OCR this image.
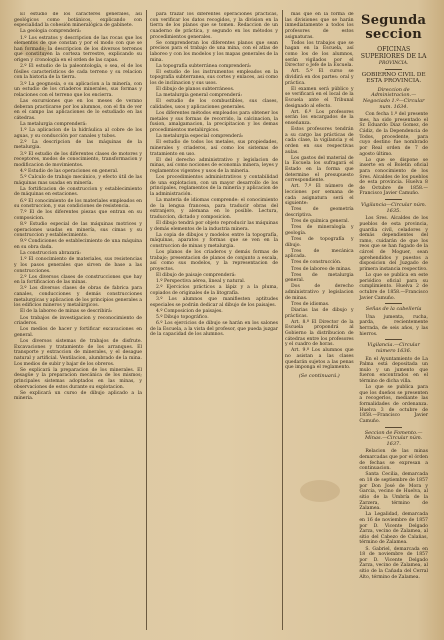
El estudio de los caracteres generales, así geológicos como botánicos, explicando con especialidad la cohesión mineralógica de gabinete.

La geologia comprenderá:

1.º Los estratos y descripcion de las rocas que los elementos de que constan y por el modo con que se han formado; la descripcion de los diversos terrenos que constituyen la corteza terrestre, explicando su origen y cronología en el orden de las capas.

2.º El estudio de la paleontología, o sea, el de los fósiles característicos de cada terreno y su relacion con la historia de la tierra.

3.º La geognosia, o su aplicacion a la minería, con un estudio de los criaderos minerales, sus formas y relaciones con el terreno que los encierra.

Las excursiones que en los meses de verano deberan practicarse por los alumnos, con el fin de ver en el campo las aplicaciones de lo estudiado en las cátedras.

La metalurgia comprenderá:

1.º La aplicacion de la hidráulica al cobre de los aguas, y su conducción por canales y tubos.

2.º La descripcion de las máquinas de la metalurgia.

3.º El estudio de los diferentes clases de motores y receptores, modos de conocimiento, transformacion y modificacion de movimientos.

4.º Estudio de las operaciones en general.

5.º Calculo de trabajo mecánico, y efecto útil de las máquinas mas usadas en minería.

La fortificacion de construccion y establecimiento de máquinas en estaciones.

6.º El conocimiento de los materiales empleados en su construccion, y sus condiciones de resistencia.

7.º El de los diferentes piezas que entran en su composicion.

8.º Estudio especial de las máquinas motrices y operaciones usadas en minería, sus cimas y su construccion y establecimiento.

9.º Condiciones de establecimiento de una máquina en su obra dada.

La construccion abrazará:

1.º El conocimiento de materiales, sus resistencias y los pasos generales que sirven de base a las construcciones.

2.º Los diversos clases de construcciones que hay en la fortificacion de las minas.

3.º Los diversos clases de obras de fabrica para canales, conducciones y demás construcciones metalurgicas y aplicacion de los principios generales a los edificios mineros y metalúrgicos.

El de la laboreo de minas se describirá:

Los trabajos de investigacion y reconocimiento de criaderos.

Los medios de hacer y fortificar excavaciones en general.

Los diversos sistemas de trabajos de disfrute. Excavaciones y tratamiento de los arranques. El transporte y extraccion de minerales, y el desague natural y artificial. Ventilacion, alumbrado de la mina. Los medios de subir y bajar de los obreros.

Se explicará la preparacion de los minerales. El desagüe y la preparacion mecánica de los mismos; principales sistemas adoptados en las minas, y observaciones de estos durante su explotacion.

Se explicará un curso de dibujo aplicado a la mineria.

para trazar los diferentes operaciones prácticas, con verificar los datos recogidos, y la division en la tierra de los planos que se tomen. Redaccion de un cuaderno de práctica, y segundo en los métodos y procedimientos generales.

Se comprenderan los diferentes planos que sean precisos para el trabajo de una mina, con el atlas de laboreo y con los modelos y los mapas generales de la mina.

La topografía subterránea comprenderá:

El estudio de los instrumentos empleados en la topografía subterranea, sus cortes y enlaces, asi como los de inclinacion y sus usos.

El dibujo de planos subterráneos.

La metalurgia general comprenderá:

El estudio de los combustibles, sus clases, calidades, usos y aplicaciones generales.

Los diferentes métodos empleados para obtener los metales y sus formas de recorrido, la calcinacion, la fusion, amalgamacion, la precipitacion y los demas procedimientos metalúrgicos.

La metalurgia especial comprenderá:

El estudio de todos los metales, sus propiedades, minerales y criaderos, así como los sistemas de tratamiento en uso.

El del derecho administrativo y legislacion de minas, así como nociones de economía minera, leyes y reglamentos vigentes y usos de la mineria.

Los procedimientos administrativos y contabilidad de una explotacion, con un mayor desarrollo de los principales, reglamentos de la minería y aplicacion de la administración.

La materia de idiomas comprende: el conocimiento de la lengua francesa, para traducir obras del extranjero, y alemana en lo posible. Lectura, traduccion, dictado y composicion.

El dibujo tendrá por objeto reproducir las máquinas y demás elementos de la industria minera.

La copia de dibujos y modelos entre la topografía, máquinas, aparatos y formas que se ven en la construccion de minas y metalurgia.

Los planos de los criaderos y demás formas de trabajo; presentacion de planos de conjunto a escala, así como sus modelos, y la representacion de proyectos.

El dibujo de paisaje comprenderá:

1.º Perspectiva aérea, lineal y natural.

2.º Ejercicios prácticos a lápiz y a la pluma, copiados de originales de la litografía.

3.º Los alumnos que manifiesten aptitudes especiales se podrán dedicar al dibujo de los paisajes.

4.º Composicion de paisajes.

5.º Dibujo topográfico.

6.º Los ejercicios de dibujo se harán en los salones de la Escuela, a la vista del profesor, que pueda juzgar de la capacidad de los alumnos.

mas que en la forma de las divisiones que se harán inmediatamente a todos los profesores de estos asignaturas.

Todos los trabajos que se hagan en la Escuela, así como los de los alumnos, serán vigilados por el Director o Jefe de la Escuela.

Art. 5.º El curso se dividirá en dos partes: oral y práctica.

El examen será público y se verificará en el local de la Escuela ante el Tribunal designado al efecto.

Art. 6.º Los profesores serán los encargados de la enseñanza.

Estos profesores tendrán a su cargo las prácticas de cada clase, la vigilancia y el orden en sus respectivas aulas.

Los gastos del material de la Escuela los sufragará el Estado en la forma que determine el presupuesto correspondiente.

Art. 7.º El número de lecciones por semana de cada asignatura será el siguiente:

Tres de geometría descriptiva.

Tres de química general.

Tres de mineralogía y geología.

Tres de topografía y dibujo.

Tres de mecánica aplicada.

Tres de construcción.

Tres de laboreo de minas.

Tres de metalurgia general.

Dos de derecho administrativo y legislacion de minas.

Tres de idiomas.

Diarias las de dibujo y prácticas.

Art. 8.º El Director de la Escuela propondrá al Gobierno la distribucion de cátedras entre los profesores y el cuadro de horas.

Art. 9.º Los alumnos que no asistan a las clases quedarán sujetos a las penas que imponga el reglamento.

(Se continuará.)
Segunda seccion
OFICINAS SUPERIORES DE LA
PROVINCIA.
GOBIERNO CIVIL DE ESTA PROVINCIA.

Direccion de Administracion.—Negociado 1.º—Circular num. 1634.

Con fecha 1.º del presente mes, ha sido presentado el Sr. Eduardo Diaz Gomez, de Cádiz, de la Dependencia de Todos, procedente, para cuyo destino fue nombrado por Real orden de 7 de agosto último.

Lo que se dispone se inserte en el Boletín oficial para conocimiento de los Sres. Alcaldes de los pueblos de esta provincia. Huelva 8 de Octubre de 1858.—Francisco Javier Camuño.

Vigilancia—Circular núm. 1635.

Los Sres. Alcaldes de los pueblos de esta provincia, guardia civil, celadores y demás dependientes del ramo, cuidarán de que los reos que se han fugado de la cárcel de Moguer, sean aprehendidos y puestos a disposicion del Juzgado de primera instancia respectivo.

Lo que se publica en este periódico oficial para su cumplimiento. Huelva 2 de octubre de 1858.—Francisco Javier Camuño.

Señas de la cabellería

Una jumenta, rucha, parda, recientemente herrada, de seis años, y las hierros.

Vigilancia.—Circular número 1636.

En el Ayuntamiento de La Palma está depositada un mulo y un jumento que fueron encontrados en el término de dicha villa.

Lo que se publica para que los dueños se presenten a recogerlos, mediante las formalidades de ordenanza. Huelva 3 de octubre de 1858.—Francisco Javier Camuño.

Seccion de Fomento.—Minas.—Circular núm. 1637.

Relacion de las minas demarcadas que por el órden de fechas se expresan a continuacion.

Santa Cecilia, demarcada en 18 de septiembre de 1857 por Don José de Mora y Garcia, vecino de Huelva, al sitio de la Umbría de la Zarzera, término de Zalamea.

La Legalidad, demarcada en 16 de noviembre de 1857 por D. Vicente Delgado Zarza, vecino de Zalamea, al sitio del Cabezo de Calañas, término de Zalamea.

S. Gabriel, demarcada en 18 de noviembre de 1857 por D. Vicente Delgado Zarza, vecino de Zalamea, al sitio de la Cañada del Cerral Alto, término de Zalamea.
